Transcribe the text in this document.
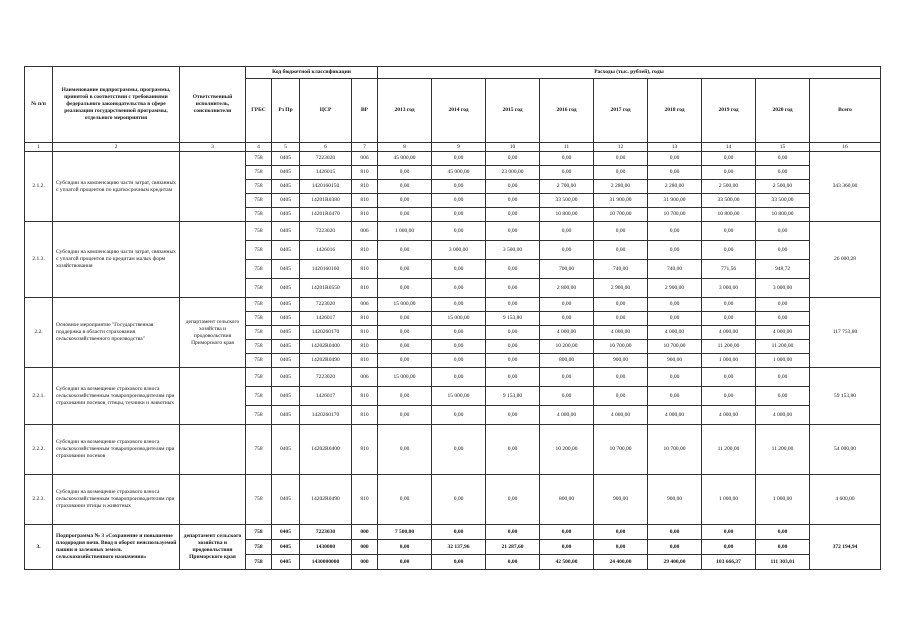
№ п/п	Наименование подпрограммы, программы, принятой в соответствии с требованиями федерального законодательства в сфере реализации государственной программы, отдельного мероприятия	Ответственный исполнитель, соисполнители	Код бюджетной классификации				Расходы (тыс. рублей), годы								
			ГРБС	Рз Пр	ЦСР	ВР	2013 год	2014 год	2015 год	2016 год	2017 год	2018 год	2019 год	2020 год	Всего
1	2	3	4	5	6	7	8	9	10	11	12	13	14	15	16
2.1.2.	Субсидии на компенсацию части затрат, связанных с уплатой процентов по краткосрочным кредитам		758	0405	7223020	006	45 000,00	0,00	0,00	0,00	0,00	0,00	0,00	0,00	343 360,00
			758	0405	1426015	810	0,00	45 000,00	23 000,00	0,00	0,00	0,00	0,00	0,00	
			758	0405	1420160150	810	0,00	0,00	0,00	2 700,00	2 280,00	2 280,00	2 500,00	2 500,00	
			758	0405	14201R0380	810	0,00	0,00	0,00	33 500,00	31 900,00	31 900,00	33 500,00	33 500,00	
			758	0405	14201R0470	810	0,00	0,00	0,00	10 800,00	10 700,00	10 700,00	10 800,00	10 800,00	
2.1.3.	Субсидии на компенсацию части затрат, связанных с уплатой процентов по кредитам малых форм хозяйствования		758	0405	7223020	006	1 000,00	0,00	0,00	0,00	0,00	0,00	0,00	0,00	26 000,28
			758	0405	1426016	810	0,00	3 000,00	3 500,00	0,00	0,00	0,00	0,00	0,00	
			758	0405	1420160160	810	0,00	0,00	0,00	700,00	740,00	740,00	771,56	948,72	
			758	0405	14201R0550	810	0,00	0,00	0,00	2 800,00	2 900,00	2 900,00	3 000,00	3 000,00	
2.2.	Основное мероприятие "Государственная поддержка в области страхования сельскохозяйственного производства"	департамент сельского хозяйства и продовольствия Приморского края	758	0405	7223020	006	15 000,00	0,00	0,00	0,00	0,00	0,00	0,00	0,00	117 753,80
			758	0405	1426017	810	0,00	15 000,00	9 153,80	0,00	0,00	0,00	0,00	0,00	
			758	0405	1420260170	810	0,00	0,00	0,00	4 000,00	4 000,00	4 000,00	4 000,00	4 000,00	
			758	0405	14202R0400	810	0,00	0,00	0,00	10 200,00	10 700,00	10 700,00	11 200,00	11 200,00	
			758	0405	14202R0490	810	0,00	0,00	0,00	800,00	900,00	900,00	1 000,00	1 000,00	
2.2.1.	Субсидии на возмещение страхового взноса сельскохозяйственным товаропроизводителям при страховании посевов, птицы, техники и животных		758	0405	7223020	006	15 000,00	0,00	0,00	0,00	0,00	0,00	0,00	0,00	59 153,80
			758	0405	1426017	810	0,00	15 000,00	9 153,80	0,00	0,00	0,00	0,00	0,00	
			758	0405	1420260170	810	0,00	0,00	0,00	4 000,00	4 000,00	4 000,00	4 000,00	4 000,00	
2.2.2.	Субсидии на возмещение страхового взноса сельскохозяйственным товаропроизводителям при страховании посевов		758	0405	14202R0400	810	0,00	0,00	0,00	10 200,00	10 700,00	10 700,00	11 200,00	11 200,00	54 000,00
2.2.3.	Субсидии на возмещение страхового взноса сельскохозяйственным товаропроизводителям при страховании птицы и животных		758	0405	14202R0490	810	0,00	0,00	0,00	800,00	900,00	900,00	1 000,00	1 000,00	4 600,00
3.	Подпрограмма № 3 «Сохранение и повышение плодородия почв. Ввод в оборот неиспользуемой пашни и залежных земель сельскохозяйственного назначения»	департамент сельского хозяйства и продовольствия Приморского края	758	0405	7223030	000	7 500,00	0,00	0,00	0,00	0,00	0,00	0,00	0,00	372 194,94
			758	0405	1430000	000	0,00	32 137,96	21 287,60	0,00	0,00	0,00	0,00	0,00	
			758	0405	1430000000	000	0,00	0,00	0,00	42 500,00	24 400,00	29 400,00	103 666,37	111 303,01	
